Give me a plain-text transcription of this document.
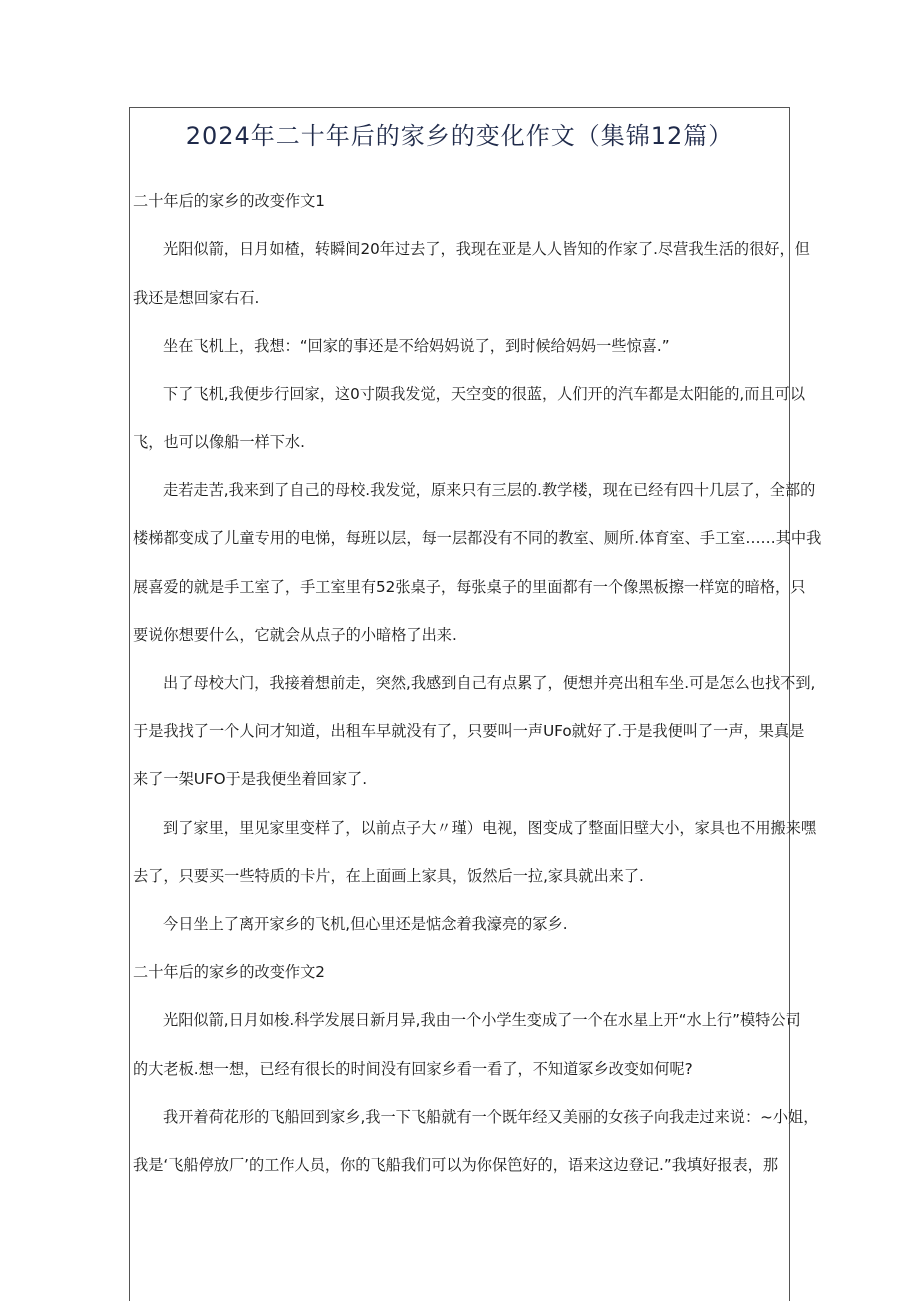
2024年二十年后的家乡的变化作文（集锦12篇）
二十年后的家乡的改变作文1
光阳似箭，日月如楂，转瞬间20年过去了，我现在亚是人人皆知的作家了.尽营我生活的很好，但
我还是想回家右石.
坐在飞机上，我想：“回家的事还是不给妈妈说了，到时候给妈妈一些惊喜.”
下了飞机,我便步行回家，这0寸陨我发觉，天空变的很蓝，人们开的汽车都是太阳能的,而且可以
飞，也可以像船一样下水.
走若走苦,我来到了自己的母校.我发觉，原来只有三层的.教学楼，现在已经有四十几层了，全部的
楼梯都变成了儿童专用的电悌，每班以层，每一层都没有不同的教室、厕所.体育室、手工室……其中我
展喜爱的就是手工室了，手工室里有52张桌子，每张桌子的里面都有一个像黑板擦一样宽的暗格，只
要说你想要什么，它就会从点子的小暗格了出来.
出了母校大门，我接着想前走，突然,我感到自己有点累了，便想并亮出租车坐.可是怎么也找不到,
于是我找了一个人问才知道，出租车早就没有了，只要叫一声UFo就好了.于是我便叫了一声，果真是
来了一架UFO于是我便坐着回家了.
到了家里，里见家里变样了，以前点子大〃瑾）电视，图变成了整面旧壁大小，家具也不用搬来嘿
去了，只要买一些特质的卡片，在上面画上家具，饭然后一拉,家具就出来了.
今日坐上了离开家乡的飞机,但心里还是惦念着我濠亮的冢乡.
二十年后的家乡的改变作文2
光阳似箭,日月如梭.科学发展日新月异,我由一个小学生变成了一个在水星上开“水上行”模特公司
的大老板.想一想，已经有很长的时间没有回家乡看一看了，不知道冢乡改变如何呢?
我开着荷花形的飞船回到家乡,我一下飞船就有一个既年经又美丽的女孩子向我走过来说：~小姐，
我是‘飞船停放厂’的工作人员，你的飞船我们可以为你保笆好的，语来这边登记.”我填好报表，那
